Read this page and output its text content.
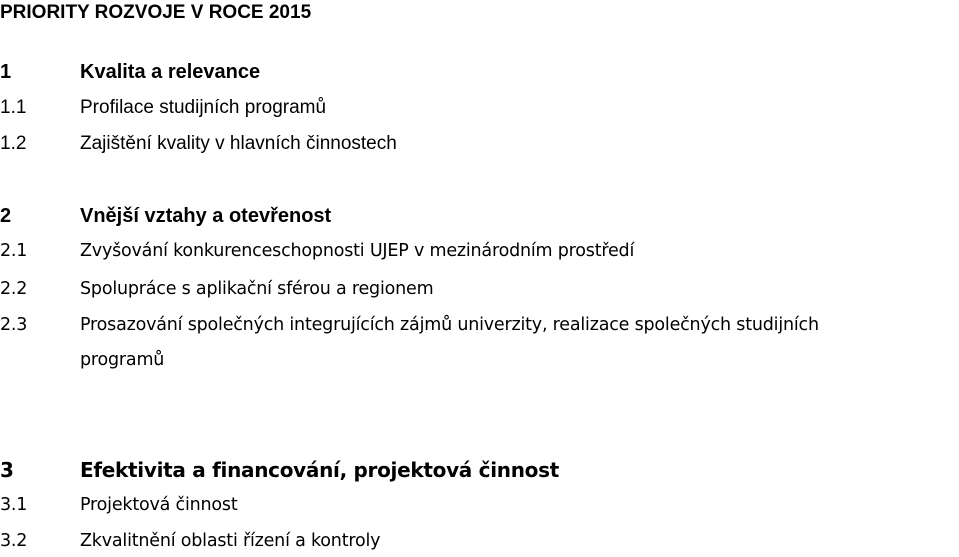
PRIORITY ROZVOJE V ROCE 2015
1	Kvalita a relevance
1.1	Profilace studijních programů
1.2	Zajištění kvality v hlavních činnostech
2	Vnější vztahy a otevřenost
2.1	Zvyšování konkurenceschopnosti UJEP v mezinárodním prostředí
2.2	Spolupráce s aplikační sférou a regionem
2.3	Prosazování společných integrujících zájmů univerzity, realizace společných studijních
programů
3	Efektivita a financování, projektová činnost
3.1	Projektová činnost
3.2	Zkvalitnění oblasti řízení a kontroly
